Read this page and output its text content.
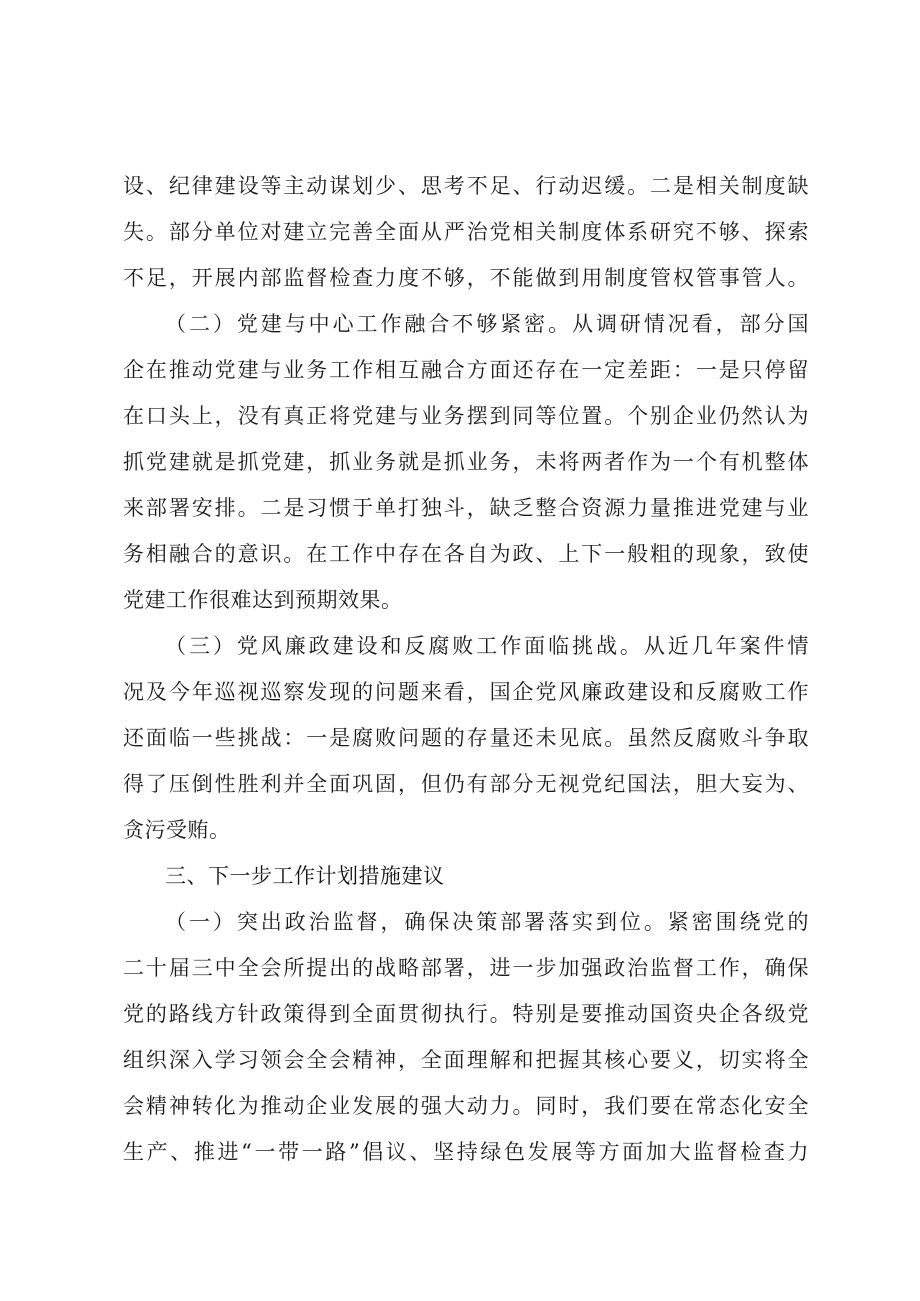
设、纪律建设等主动谋划少、思考不足、行动迟缓。二是相关制度缺
失。部分单位对建立完善全面从严治党相关制度体系研究不够、探索
不足，开展内部监督检查力度不够，不能做到用制度管权管事管人。
（二）党建与中心工作融合不够紧密。从调研情况看，部分国
企在推动党建与业务工作相互融合方面还存在一定差距：一是只停留
在口头上，没有真正将党建与业务摆到同等位置。个别企业仍然认为
抓党建就是抓党建，抓业务就是抓业务，未将两者作为一个有机整体
来部署安排。二是习惯于单打独斗，缺乏整合资源力量推进党建与业
务相融合的意识。在工作中存在各自为政、上下一般粗的现象，致使
党建工作很难达到预期效果。
（三）党风廉政建设和反腐败工作面临挑战。从近几年案件情
况及今年巡视巡察发现的问题来看，国企党风廉政建设和反腐败工作
还面临一些挑战：一是腐败问题的存量还未见底。虽然反腐败斗争取
得了压倒性胜利并全面巩固，但仍有部分无视党纪国法，胆大妄为、
贪污受贿。
三、下一步工作计划措施建议
（一）突出政治监督，确保决策部署落实到位。紧密围绕党的
二十届三中全会所提出的战略部署，进一步加强政治监督工作，确保
党的路线方针政策得到全面贯彻执行。特别是要推动国资央企各级党
组织深入学习领会全会精神，全面理解和把握其核心要义，切实将全
会精神转化为推动企业发展的强大动力。同时，我们要在常态化安全
生产、推进“一带一路”倡议、坚持绿色发展等方面加大监督检查力
